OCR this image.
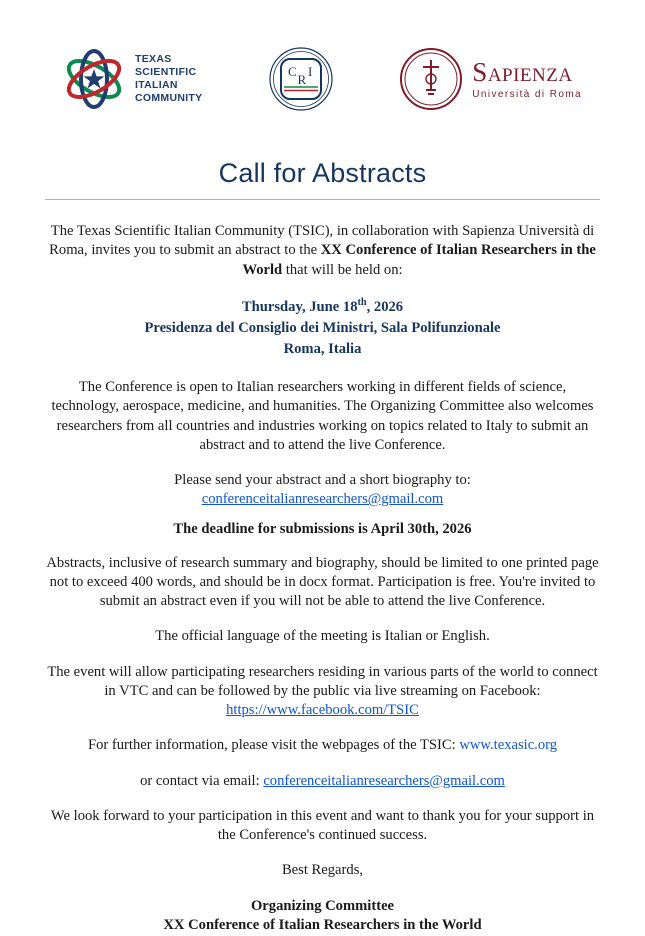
TEXAS
SCIENTIFIC
ITALIAN
COMMUNITY
C
R
I	Sapienza
Università di Roma
Call for Abstracts

The Texas Scientific Italian Community (TSIC), in collaboration with Sapienza Università di Roma, invites you to submit an abstract to the XX Conference of Italian Researchers in the World that will be held on:

Thursday, June 18th, 2026
Presidenza del Consiglio dei Ministri, Sala Polifunzionale
Roma, Italia

The Conference is open to Italian researchers working in different fields of science, technology, aerospace, medicine, and humanities. The Organizing Committee also welcomes researchers from all countries and industries working on topics related to Italy to submit an abstract and to attend the live Conference.

Please send your abstract and a short biography to:
conferenceitalianresearchers@gmail.com

The deadline for submissions is April 30th, 2026

Abstracts, inclusive of research summary and biography, should be limited to one printed page not to exceed 400 words, and should be in docx format. Participation is free. You're invited to submit an abstract even if you will not be able to attend the live Conference.

The official language of the meeting is Italian or English.

The event will allow participating researchers residing in various parts of the world to connect in VTC and can be followed by the public via live streaming on Facebook: https://www.facebook.com/TSIC

For further information, please visit the webpages of the TSIC: www.texasic.org

or contact via email: conferenceitalianresearchers@gmail.com

We look forward to your participation in this event and want to thank you for your support in the Conference's continued success.

Best Regards,

Organizing Committee
XX Conference of Italian Researchers in the World
